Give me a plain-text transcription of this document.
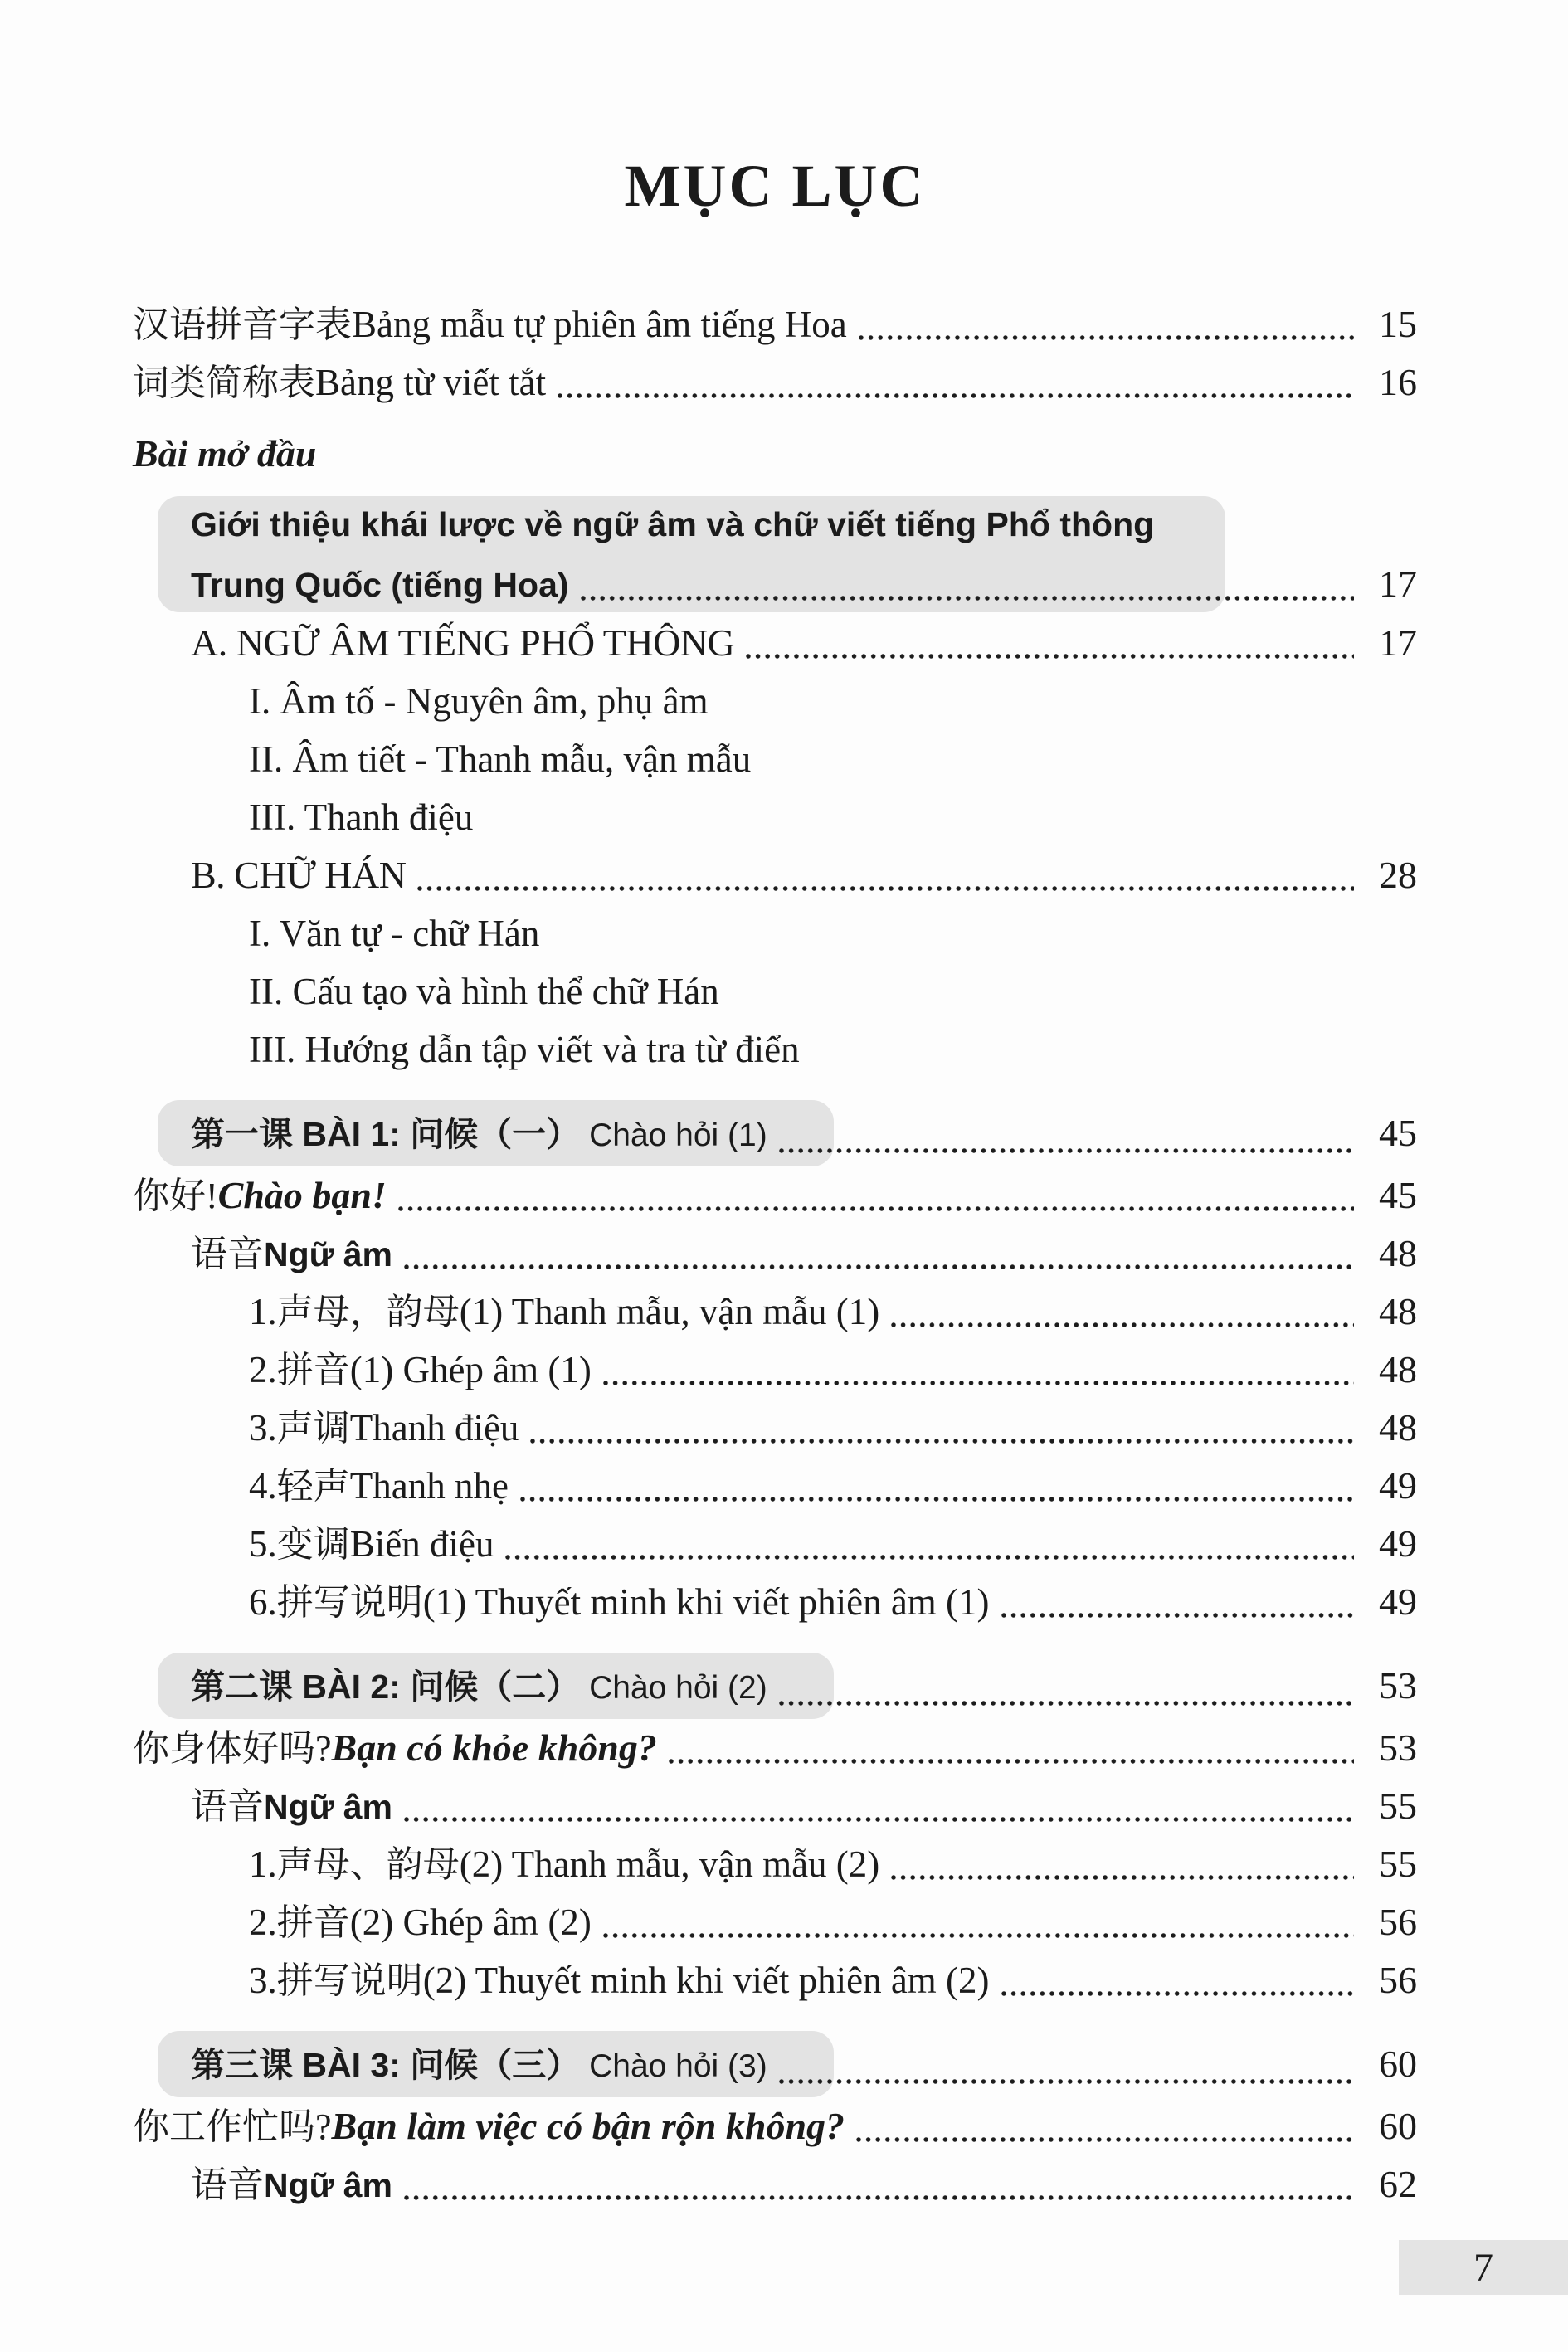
MỤC LỤC
汉语拼音字表 Bảng mẫu tự phiên âm tiếng Hoa	15
词类简称表 Bảng từ viết tắt	16
Bài mở đầu
Giới thiệu khái lược về ngữ âm và chữ viết tiếng Phổ thông
Trung Quốc (tiếng Hoa)	17
A. NGỮ ÂM TIẾNG PHỔ THÔNG	17
I. Âm tố - Nguyên âm, phụ âm
II. Âm tiết - Thanh mẫu, vận mẫu
III. Thanh điệu
B. CHỮ HÁN	28
I. Văn tự - chữ Hán
II. Cấu tạo và hình thể chữ Hán
III. Hướng dẫn tập viết và tra từ điển
第一课 BÀI 1: 问候（一） Chào hỏi (1)	45
你好! Chào bạn!	45
语音 Ngữ âm	48
1. 声母，韵母 (1) Thanh mẫu, vận mẫu (1)	48
2. 拼音 (1) Ghép âm (1)	48
3. 声调 Thanh điệu	48
4. 轻声 Thanh nhẹ	49
5. 变调 Biến điệu	49
6. 拼写说明 (1) Thuyết minh khi viết phiên âm (1)	49
第二课 BÀI 2: 问候（二） Chào hỏi (2)	53
你身体好吗? Bạn có khỏe không?	53
语音 Ngữ âm	55
1. 声母、韵母 (2) Thanh mẫu, vận mẫu (2)	55
2. 拼音 (2) Ghép âm (2)	56
3. 拼写说明 (2) Thuyết minh khi viết phiên âm (2)	56
第三课 BÀI 3: 问候（三） Chào hỏi (3)	60
你工作忙吗? Bạn làm việc có bận rộn không?	60
语音 Ngữ âm	62
7
